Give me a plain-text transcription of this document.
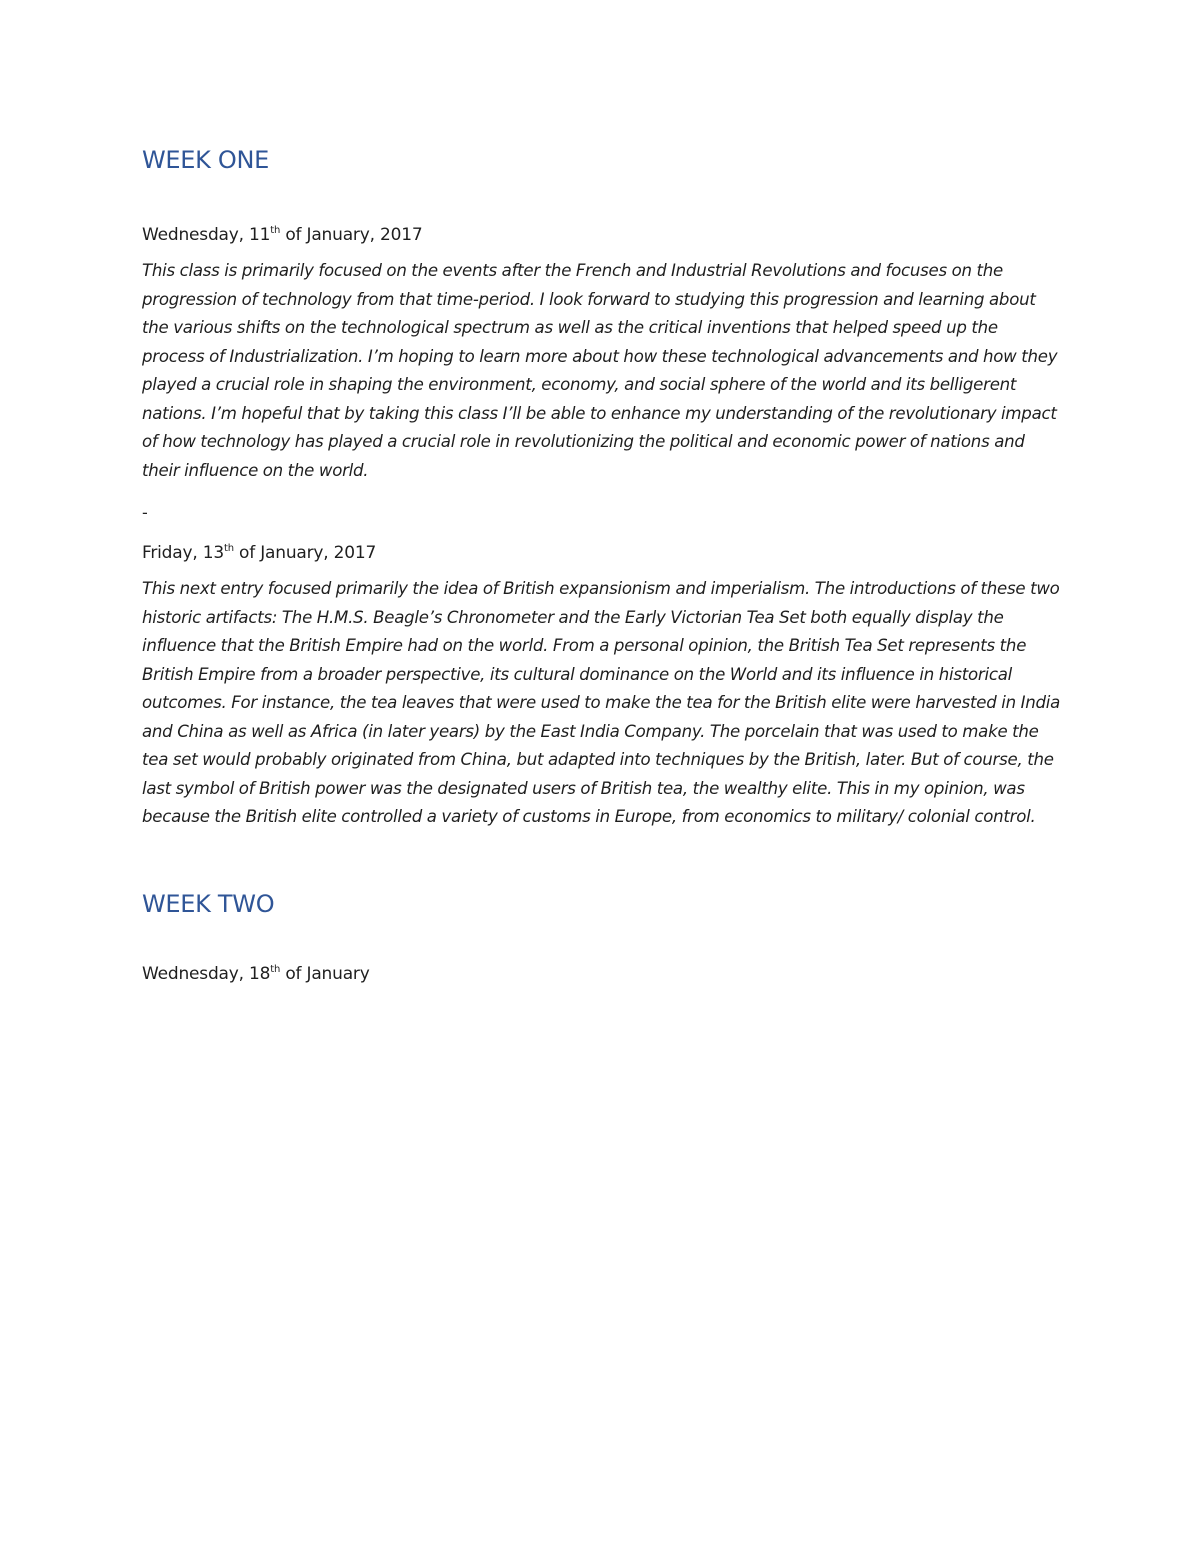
WEEK ONE

Wednesday, 11th of January, 2017

This class is primarily focused on the events after the French and Industrial Revolutions and focuses on the progression of technology from that time-period. I look forward to studying this progression and learning about the various shifts on the technological spectrum as well as the critical inventions that helped speed up the process of Industrialization. I’m hoping to learn more about how these technological advancements and how they played a crucial role in shaping the environment, economy, and social sphere of the world and its belligerent nations. I’m hopeful that by taking this class I’ll be able to enhance my understanding of the revolutionary impact of how technology has played a crucial role in revolutionizing the political and economic power of nations and their influence on the world.

-

Friday, 13th of January, 2017

This next entry focused primarily the idea of British expansionism and imperialism. The introductions of these two historic artifacts: The H.M.S. Beagle’s Chronometer and the Early Victorian Tea Set both equally display the influence that the British Empire had on the world. From a personal opinion, the British Tea Set represents the British Empire from a broader perspective, its cultural dominance on the World and its influence in historical outcomes. For instance, the tea leaves that were used to make the tea for the British elite were harvested in India and China as well as Africa (in later years) by the East India Company. The porcelain that was used to make the tea set would probably originated from China, but adapted into techniques by the British, later. But of course, the last symbol of British power was the designated users of British tea, the wealthy elite. This in my opinion, was because the British elite controlled a variety of customs in Europe, from economics to military/ colonial control.

WEEK TWO

Wednesday, 18th of January
